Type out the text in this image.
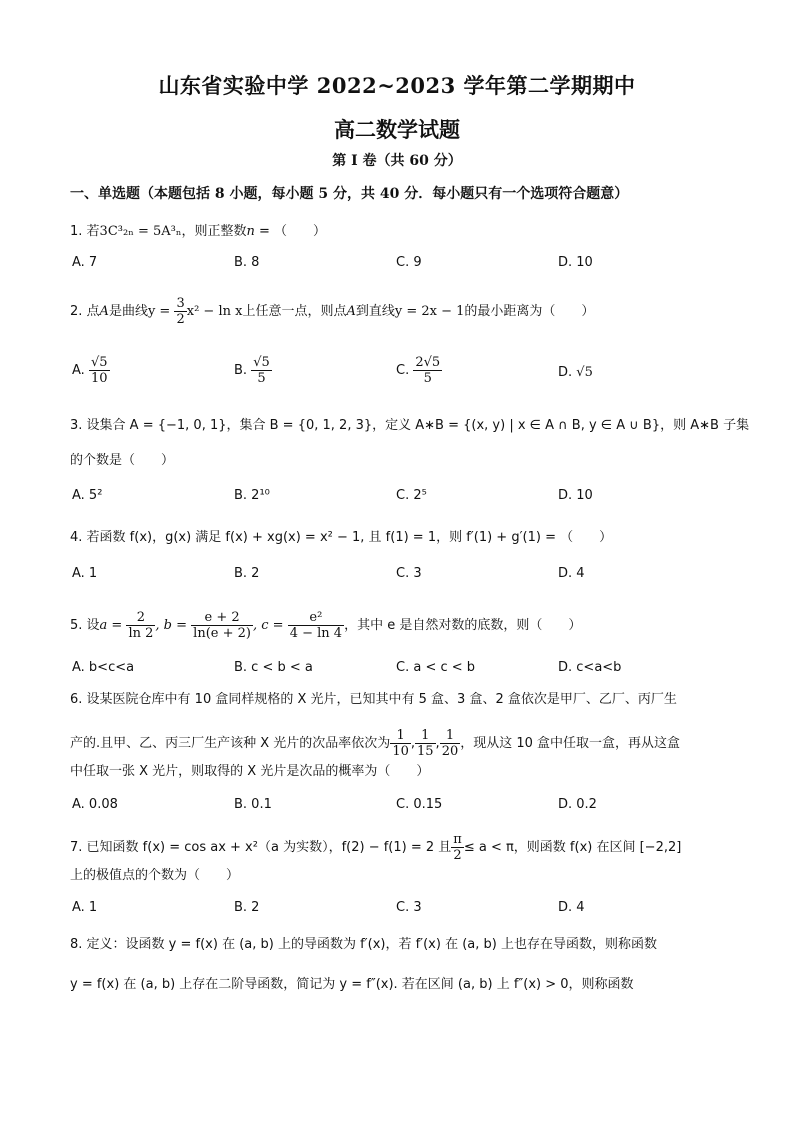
山东省实验中学 2022~2023 学年第二学期期中
高二数学试题
第 I 卷（共 60 分）
一、单选题（本题包括 8 小题，每小题 5 分，共 40 分．每小题只有一个选项符合题意）
1. 若3C³₂ₙ = 5A³ₙ，则正整数n = （　　）
A. 7	B. 8	C. 9	D. 10
2. 点A是曲线$y = \frac{3}{2} x^2 - \ln x$上任意一点，则点A到直线y = 2x − 1的最小距离为（　　）
A. $\frac{√5}{10}$	B. $\frac{√5}{5}$	C. $\frac{2√5}{5}$	D. √5
3. 设集合 A = {−1, 0, 1}，集合 B = {0, 1, 2, 3}，定义 A∗B = {(x, y) | x ∈ A ∩ B, y ∈ A ∪ B}，则 A∗B 子集
的个数是（　　）
A. 5²	B. 2¹⁰	C. 2⁵	D. 10
4. 若函数 f(x)，g(x) 满足 f(x) + xg(x) = x² − 1, 且 f(1) = 1，则 f′(1) + g′(1) = （　　）
A. 1	B. 2	C. 3	D. 4
5. 设$a = \frac{2}{\ln 2}$ , $b = \frac{e + 2}{\ln(e + 2)}$ , $c = \frac{\text{e²}}{4 - \ln 4}$ ，其中 e 是自然对数的底数，则（　　）
A. b<c<a	B. c < b < a	C. a < c < b	D. c<a<b
6. 设某医院仓库中有 10 盒同样规格的 X 光片，已知其中有 5 盒、3 盒、2 盒依次是甲厂、乙厂、丙厂生
产的.且甲、乙、丙三厂生产该种 X 光片的次品率依次为 $\frac{1}{10}$ , $\frac{1}{15}$ , $\frac{1}{20}$ ，现从这 10 盒中任取一盒，再从这盒
中任取一张 X 光片，则取得的 X 光片是次品的概率为（　　）
A. 0.08	B. 0.1	C. 0.15	D. 0.2
7. 已知函数 f(x) = cos ax + x²（a 为实数），f(2) − f(1) = 2 且 $\frac{\pi}{2} \le a < \pi$，则函数 f(x) 在区间 [−2,2]
上的极值点的个数为（　　）
A. 1	B. 2	C. 3	D. 4
8. 定义：设函数 y = f(x) 在 (a, b) 上的导函数为 f′(x)，若 f′(x) 在 (a, b) 上也存在导函数，则称函数
y = f(x) 在 (a, b) 上存在二阶导函数，简记为 y = f″(x). 若在区间 (a, b) 上 f″(x) > 0，则称函数
